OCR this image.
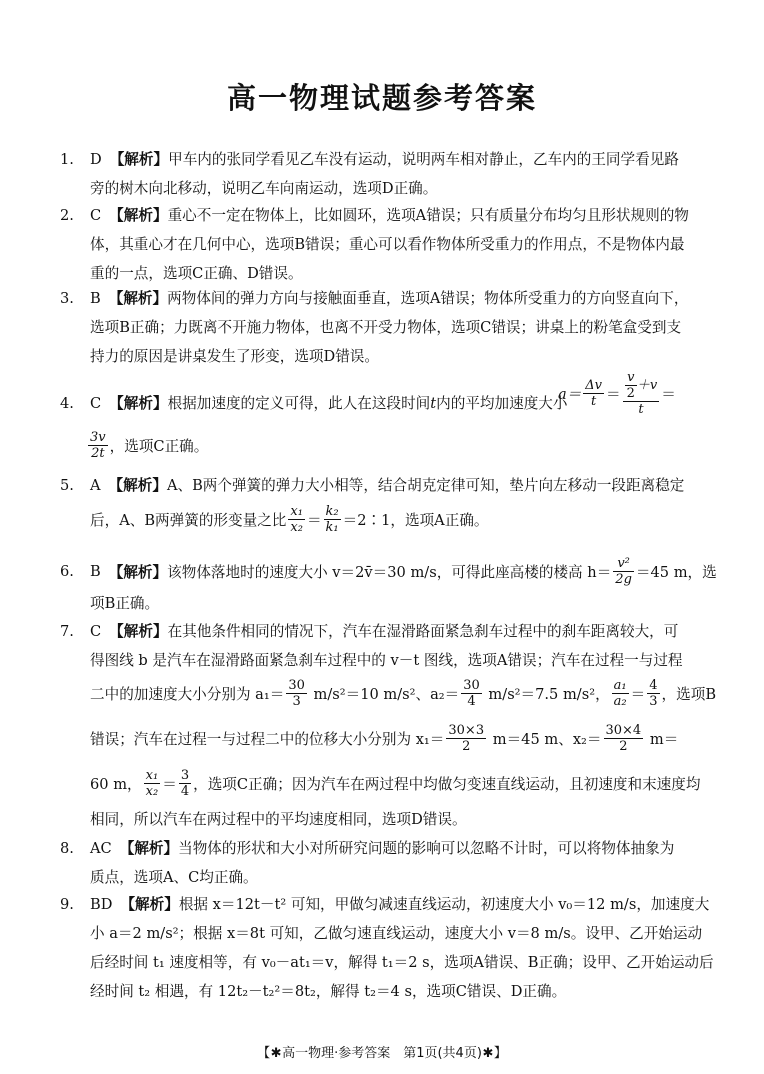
高一物理试题参考答案
1. D 【解析】甲车内的张同学看见乙车没有运动，说明两车相对静止，乙车内的王同学看见路
旁的树木向北移动，说明乙车向南运动，选项D正确。
2. C 【解析】重心不一定在物体上，比如圆环，选项A错误；只有质量分布均匀且形状规则的物
体，其重心才在几何中心，选项B错误；重心可以看作物体所受重力的作用点，不是物体内最
重的一点，选项C正确、D错误。
3. B 【解析】两物体间的弹力方向与接触面垂直，选项A错误；物体所受重力的方向竖直向下，
选项B正确；力既离不开施力物体，也离不开受力物体，选项C错误；讲桌上的粉笔盒受到支
持力的原因是讲桌发生了形变，选项D错误。
4. C 【解析】根据加速度的定义可得，此人在这段时间t内的平均加速度大小
$a= \frac{\Delta v}{t} = \frac{\frac{v}{2} +v}{t}$ ＝
$\frac{3v}{2t}$ ，选项C正确。
5. A 【解析】A、B两个弹簧的弹力大小相等，结合胡克定律可知，垫片向左移动一段距离稳定
后，A、B两弹簧的形变量之比 $\frac{\text{x₁}}{\text{x₂}} = \frac{\text{k₂}}{\text{k₁}}$ ＝2∶1，选项A正确。
6. B 【解析】该物体落地时的速度大小 v＝2v̄＝30 m/s，可得此座高楼的楼高 $h= \frac{\text{v²}}{2g} =45$ m，选
项B正确。
7. C 【解析】在其他条件相同的情况下，汽车在湿滑路面紧急刹车过程中的刹车距离较大，可
得图线 b 是汽车在湿滑路面紧急刹车过程中的 v－t 图线，选项A错误；汽车在过程一与过程
二中的加速度大小分别为 $a_1= \frac{30}{3} m/s^2=10$ m/s²、$a_2= \frac{30}{4} m/s^2=7.5$ m/s²， $\frac{\text{a₁}}{\text{a₂}} = \frac{4}{3}$ ，选项B
错误；汽车在过程一与过程二中的位移大小分别为 $x_1= \frac{30\times 3}{2} m=45$ m、$x_2= \frac{30\times 4}{2} m=$
60 m， $\frac{\text{x₁}}{\text{x₂}} = \frac{3}{4}$ ，选项C正确；因为汽车在两过程中均做匀变速直线运动，且初速度和末速度均
相同，所以汽车在两过程中的平均速度相同，选项D错误。
8. AC 【解析】当物体的形状和大小对所研究问题的影响可以忽略不计时，可以将物体抽象为
质点，选项A、C均正确。
9. BD 【解析】根据 x＝12t－t² 可知，甲做匀减速直线运动，初速度大小 v₀＝12 m/s，加速度大
小 a＝2 m/s²；根据 x＝8t 可知，乙做匀速直线运动，速度大小 v＝8 m/s。设甲、乙开始运动
后经时间 t₁ 速度相等，有 v₀－at₁＝v，解得 t₁＝2 s，选项A错误、B正确；设甲、乙开始运动后
经时间 t₂ 相遇，有 12t₂－t₂²＝8t₂，解得 t₂＝4 s，选项C错误、D正确。
【✱高一物理·参考答案　第1页(共4页)✱】
